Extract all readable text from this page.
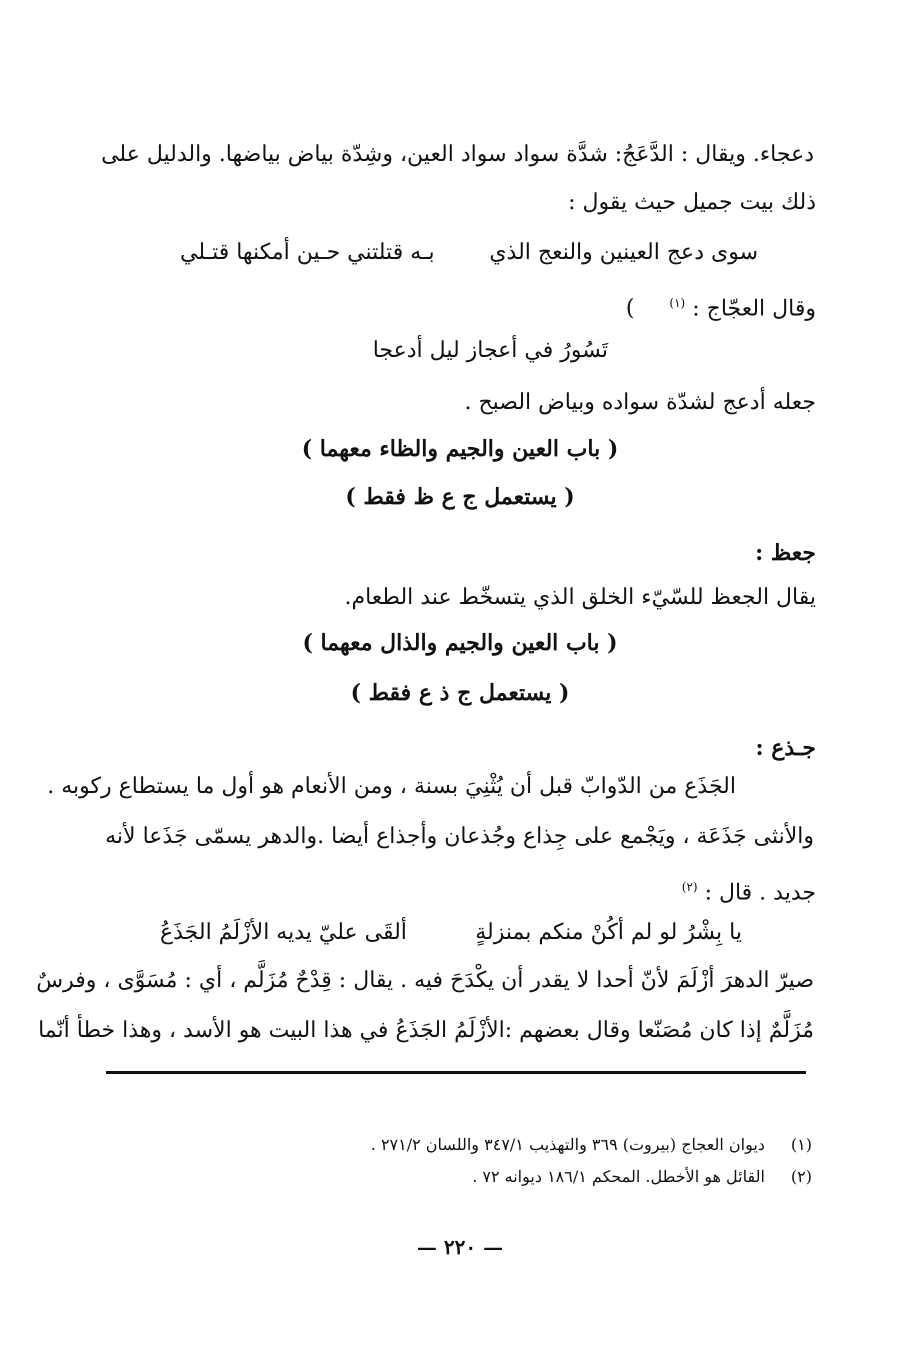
دعجاء. ويقال : الدَّعَجُ: شدَّة سواد سواد العين، وشِدّة بياض بياضها. والدليل على
ذلك بيت جميل حيث يقول :
سوى دعج العينين والنعج الذي
بـه قتلتني حـين أمكنها قتـلي
وقال العجّاج : $^{(١)}$ )
تَسُورُ في أعجاز ليل أدعجا
جعله أدعج لشدّة سواده وبياض الصبح .
( باب العين والجيم والظاء معهما )
( يستعمل ج ع ظ فقط )
جعظ :
يقال الجعظ للسّيّء الخلق الذي يتسخّط عند الطعام.
( باب العين والجيم والذال معهما )
( يستعمل ج ذ ع فقط )
جـذع :
الجَذَع من الدّوابّ قبل أن يُثْنِيَ بسنة ، ومن الأنعام هو أول ما يستطاع ركوبه .
والأنثى جَذَعَة ، ويَجْمع على جِذاع وجُذعان وأجذاع أيضا .والدهر يسمّى جَذَعا لأنه
جديد . قال : $^{(٢)}$
يا بِشْرُ لو لم أكُنْ منكم بمنزلةٍ
ألقَى عليّ يديه الأزْلَمُ الجَذَعُ
صيرّ الدهرَ أزْلَمَ لأنّ أحدا لا يقدر أن يكْدَحَ فيه . يقال : قِدْحٌ مُزَلَّم ، أي : مُسَوَّى ، وفرسٌ
مُزَلَّمٌ إذا كان مُصَنّعا وقال بعضهم :الأزْلَمُ الجَذَعُ في هذا البيت هو الأسد ، وهذا خطأ أنّما
(١) ديوان العجاج (بيروت) ٣٦٩ والتهذيب ٣٤٧/١ واللسان ٢٧١/٢ .
(٢) القائل هو الأخطل. المحكم ١٨٦/١ ديوانه ٧٢ .
— ٢٢٠ —
